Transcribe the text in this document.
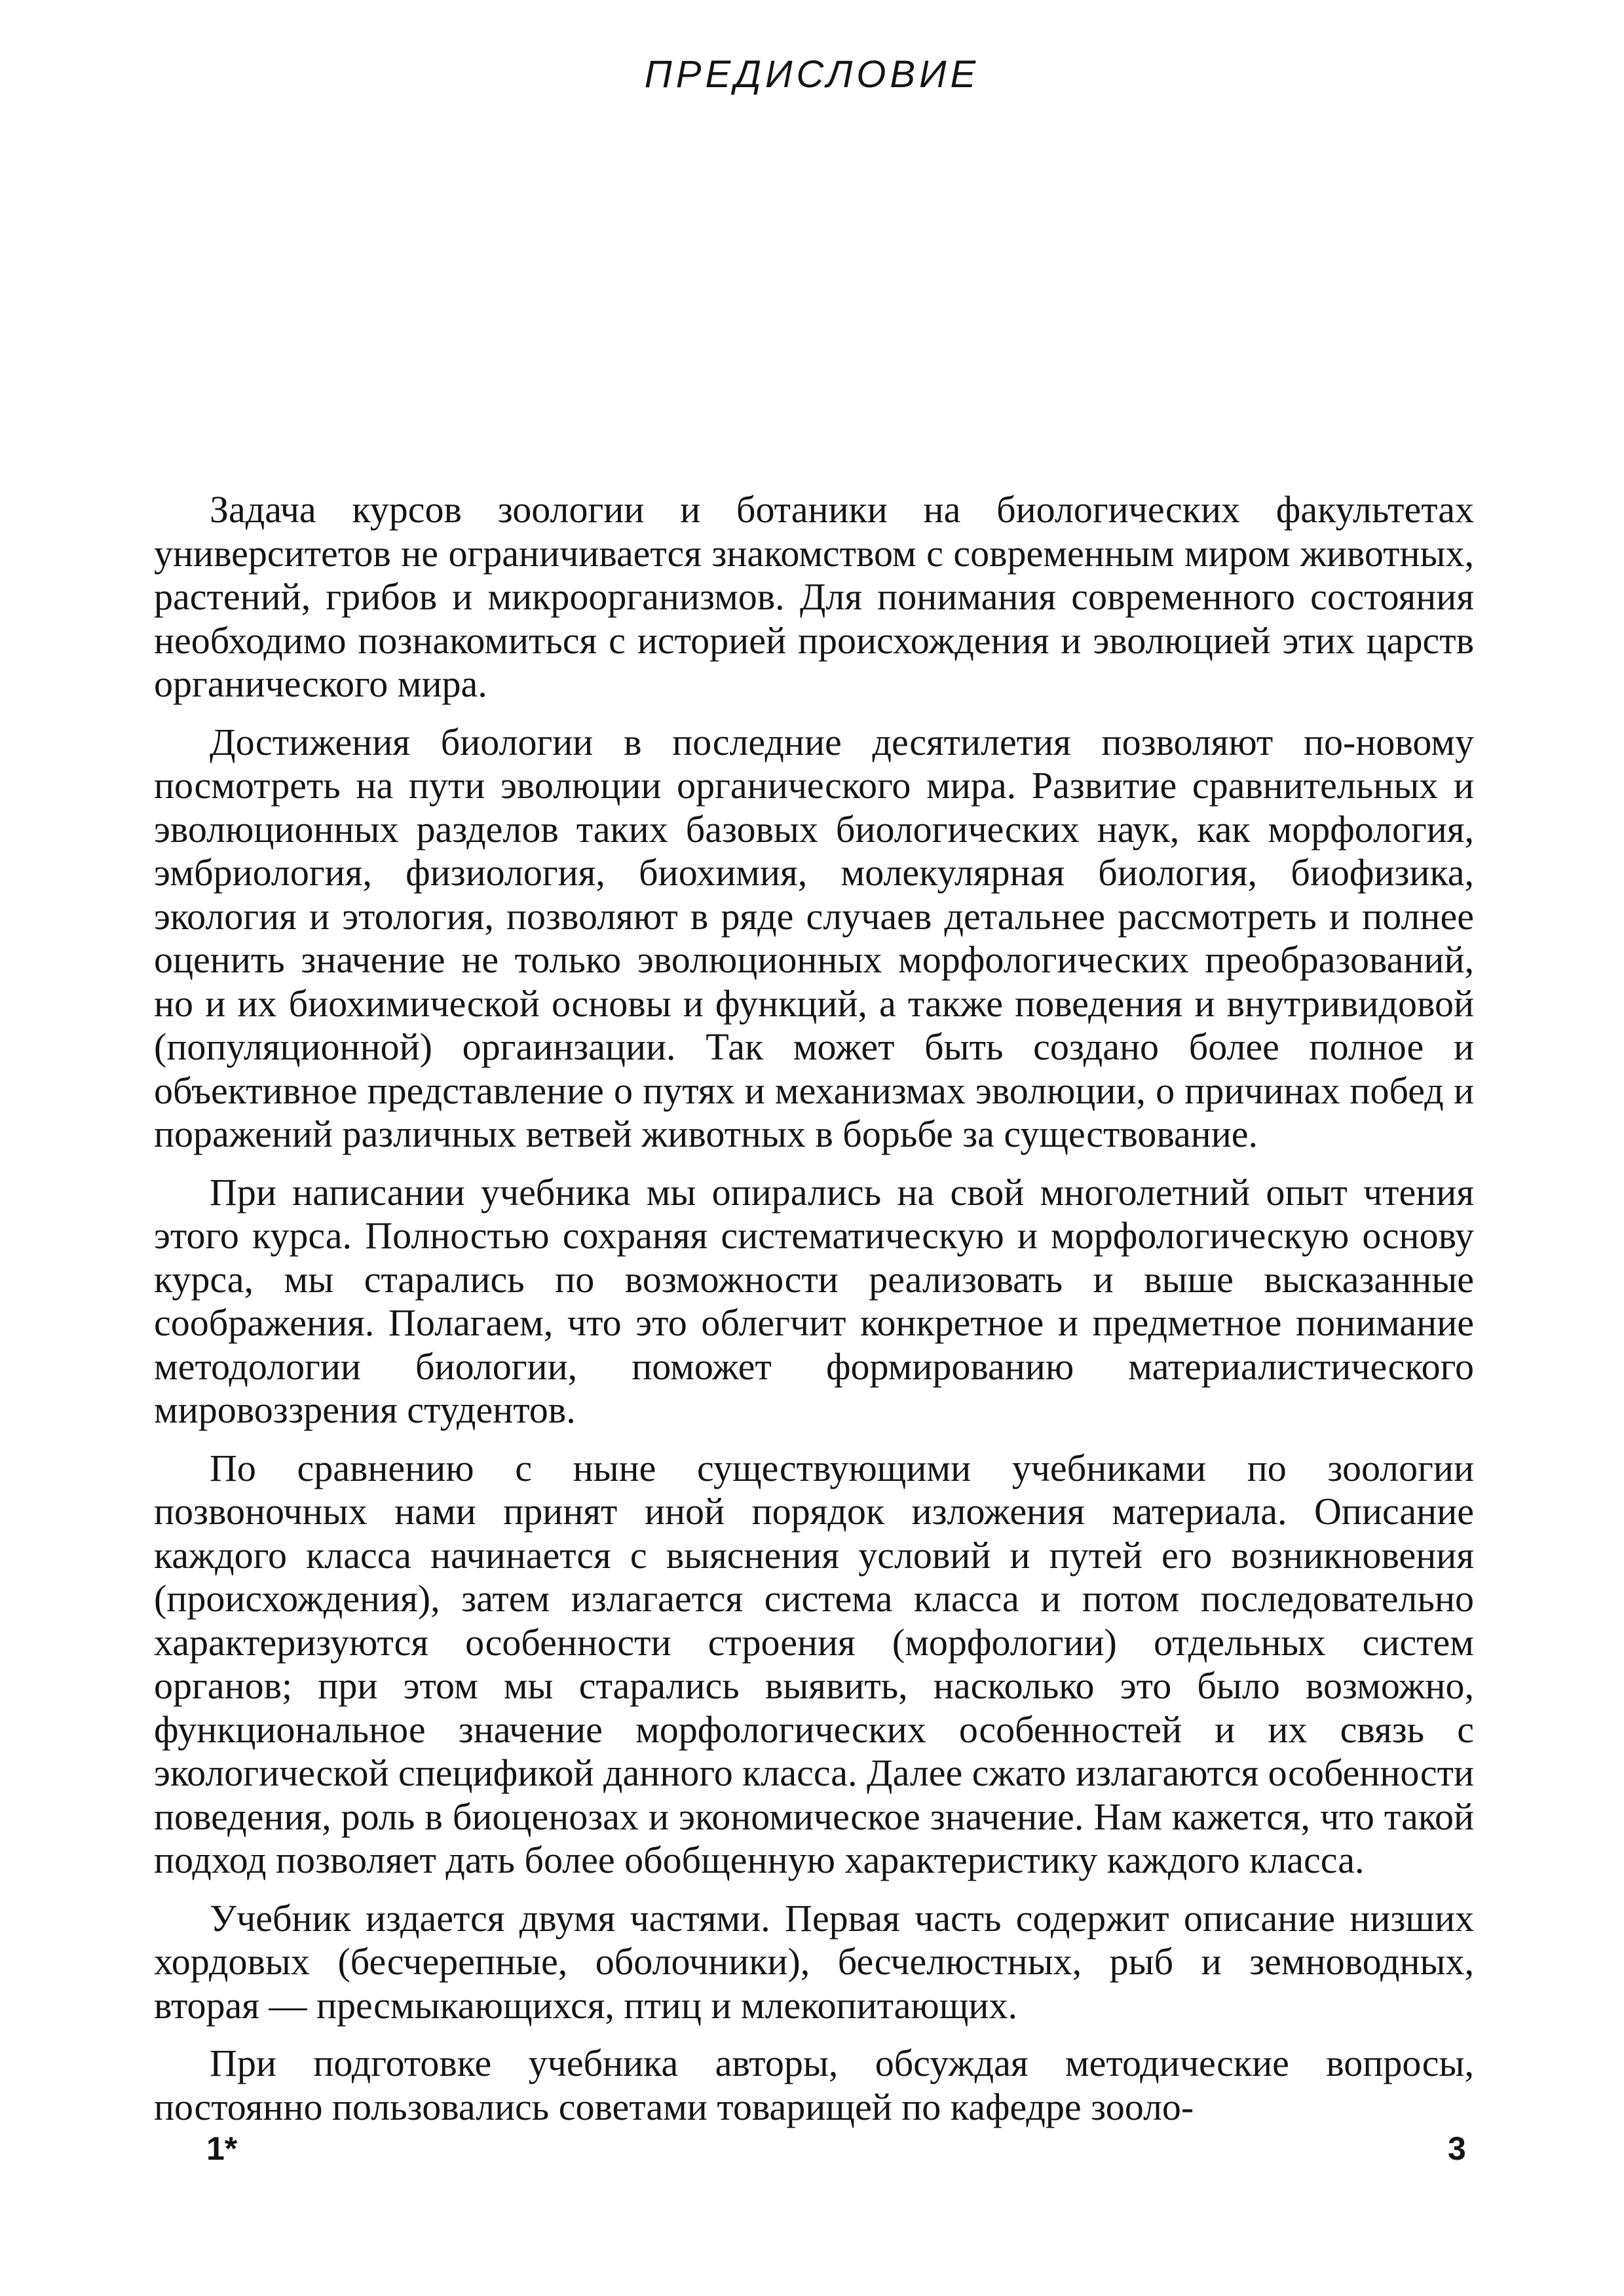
ПРЕДИСЛОВИЕ

Задача курсов зоологии и ботаники на биологических факультетах университетов не ограничивается знакомством с современным миром животных, растений, грибов и микроорганизмов. Для понимания современного состояния необходимо познакомиться с историей происхождения и эволюцией этих царств органического мира.

Достижения биологии в последние десятилетия позволяют по-новому посмотреть на пути эволюции органического мира. Развитие сравнительных и эволюционных разделов таких базовых биологических наук, как морфология, эмбриология, физиология, биохимия, молекулярная биология, биофизика, экология и этология, позволяют в ряде случаев детальнее рассмотреть и полнее оценить значение не только эволюционных морфологических преобразований, но и их биохимической основы и функций, а также поведения и внутривидовой (популяционной) оргаинзации. Так может быть создано более полное и объективное представление о путях и механизмах эволюции, о причинах побед и поражений различных ветвей животных в борьбе за существование.

При написании учебника мы опирались на свой многолетний опыт чтения этого курса. Полностью сохраняя систематическую и морфологическую основу курса, мы старались по возможности реализовать и выше высказанные соображения. Полагаем, что это облегчит конкретное и предметное понимание методологии биологии, поможет формированию материалистического мировоззрения студентов.

По сравнению с ныне существующими учебниками по зоологии позвоночных нами принят иной порядок изложения материала. Описание каждого класса начинается с выяснения условий и путей его возникновения (происхождения), затем излагается система класса и потом последовательно характеризуются особенности строения (морфологии) отдельных систем органов; при этом мы старались выявить, насколько это было возможно, функциональное значение морфологических особенностей и их связь с экологической спецификой данного класса. Далее сжато излагаются особенности поведения, роль в биоценозах и экономическое значение. Нам кажется, что такой подход позволяет дать более обобщенную характеристику каждого класса.

Учебник издается двумя частями. Первая часть содержит описание низших хордовых (бесчерепные, оболочники), бесчелюстных, рыб и земноводных, вторая — пресмыкающихся, птиц и млекопитающих.

При подготовке учебника авторы, обсуждая методические вопросы, постоянно пользовались советами товарищей по кафедре зооло-

1*	3
